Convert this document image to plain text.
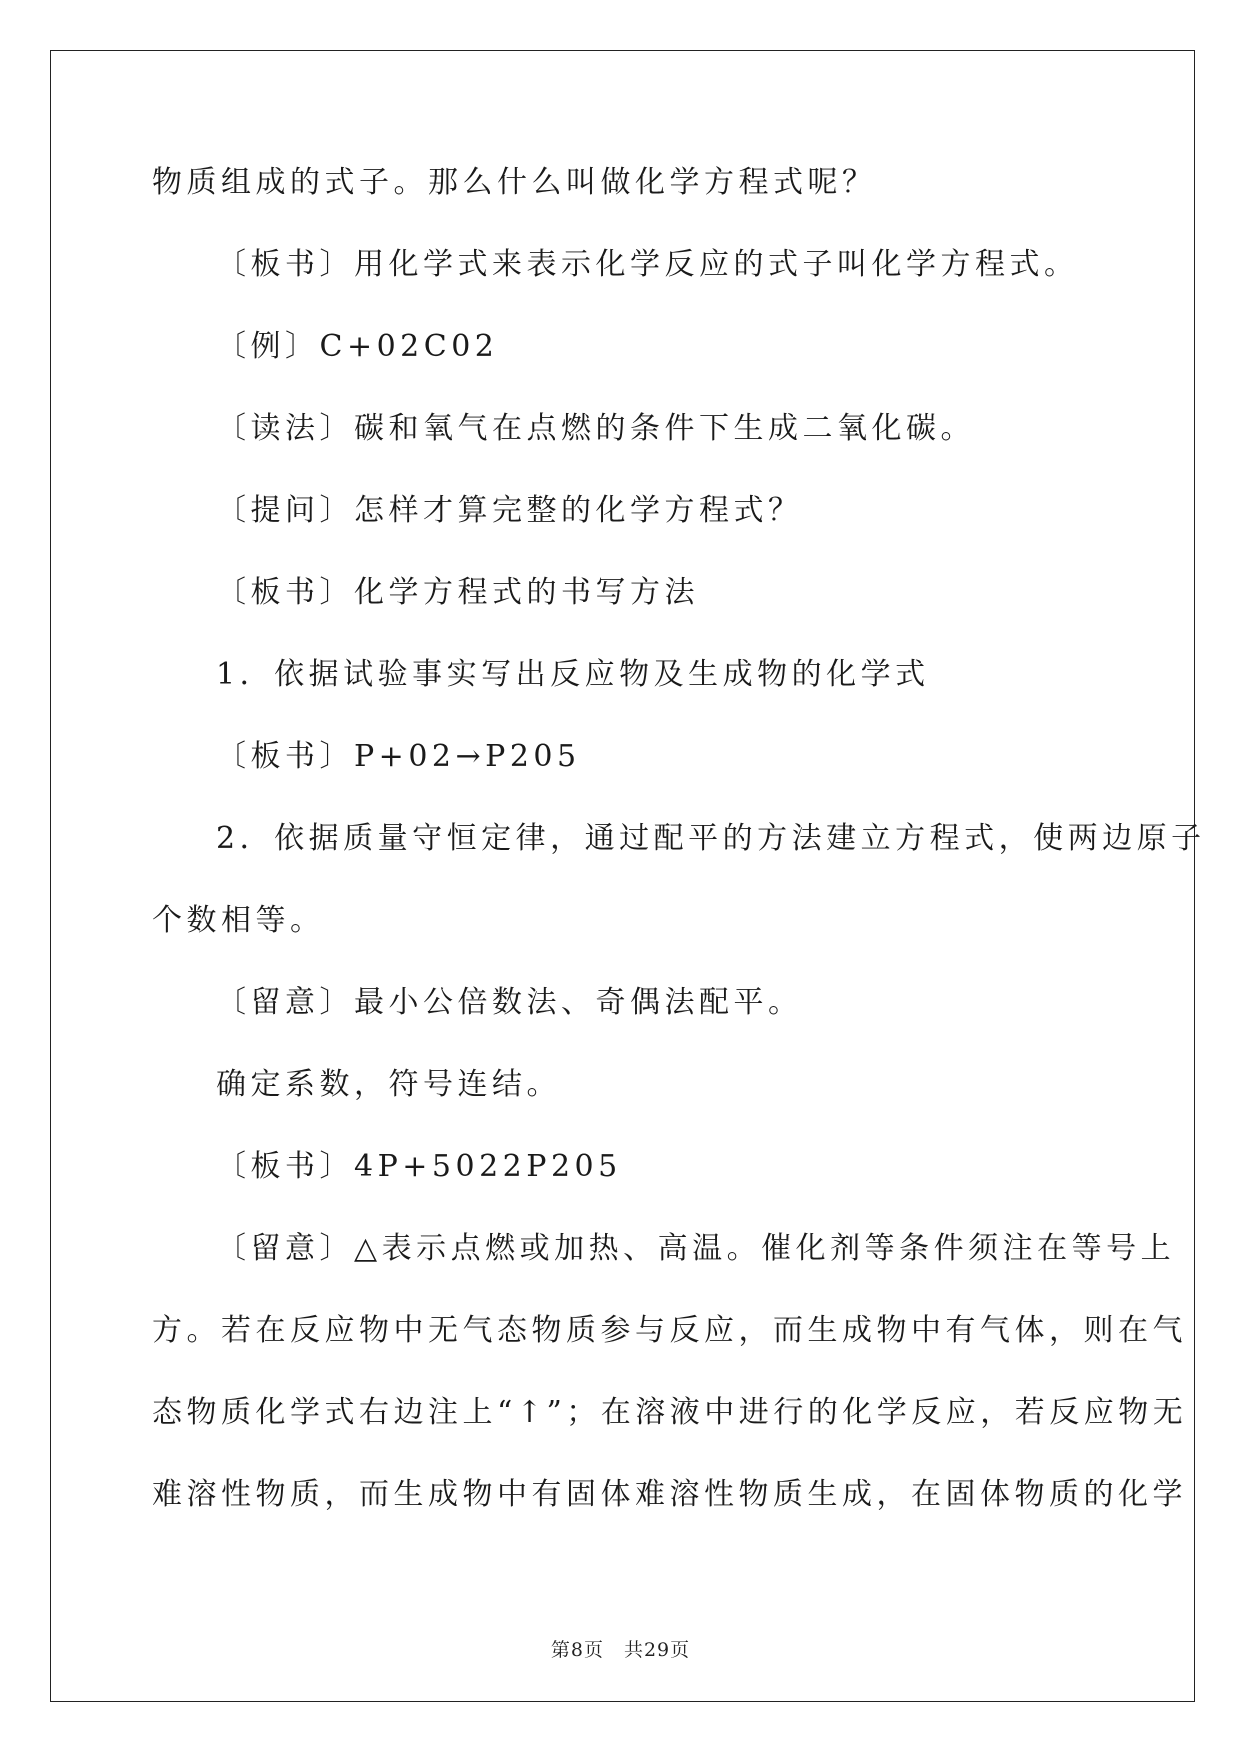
物质组成的式子。那么什么叫做化学方程式呢？

〔板书〕用化学式来表示化学反应的式子叫化学方程式。

〔例〕C+02C02

〔读法〕碳和氧气在点燃的条件下生成二氧化碳。

〔提问〕怎样才算完整的化学方程式？

〔板书〕化学方程式的书写方法

1．依据试验事实写出反应物及生成物的化学式

〔板书〕P+02→P205

2．依据质量守恒定律，通过配平的方法建立方程式，使两边原子

个数相等。

〔留意〕最小公倍数法、奇偶法配平。

确定系数，符号连结。

〔板书〕4P+5022P205

〔留意〕△表示点燃或加热、高温。催化剂等条件须注在等号上

方。若在反应物中无气态物质参与反应，而生成物中有气体，则在气

态物质化学式右边注上“↑”；在溶液中进行的化学反应，若反应物无

难溶性物质，而生成物中有固体难溶性物质生成，在固体物质的化学

第8页 共29页
